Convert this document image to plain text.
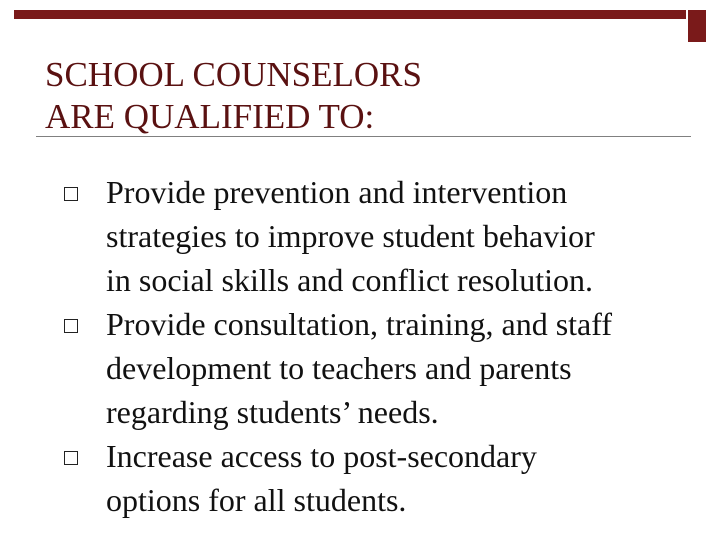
SCHOOL COUNSELORS
ARE QUALIFIED TO:
Provide prevention and intervention
strategies to improve student behavior
in social skills and conflict resolution.
Provide consultation, training, and staff
development to teachers and parents
regarding students’ needs.
Increase access to post-secondary
options for all students.
